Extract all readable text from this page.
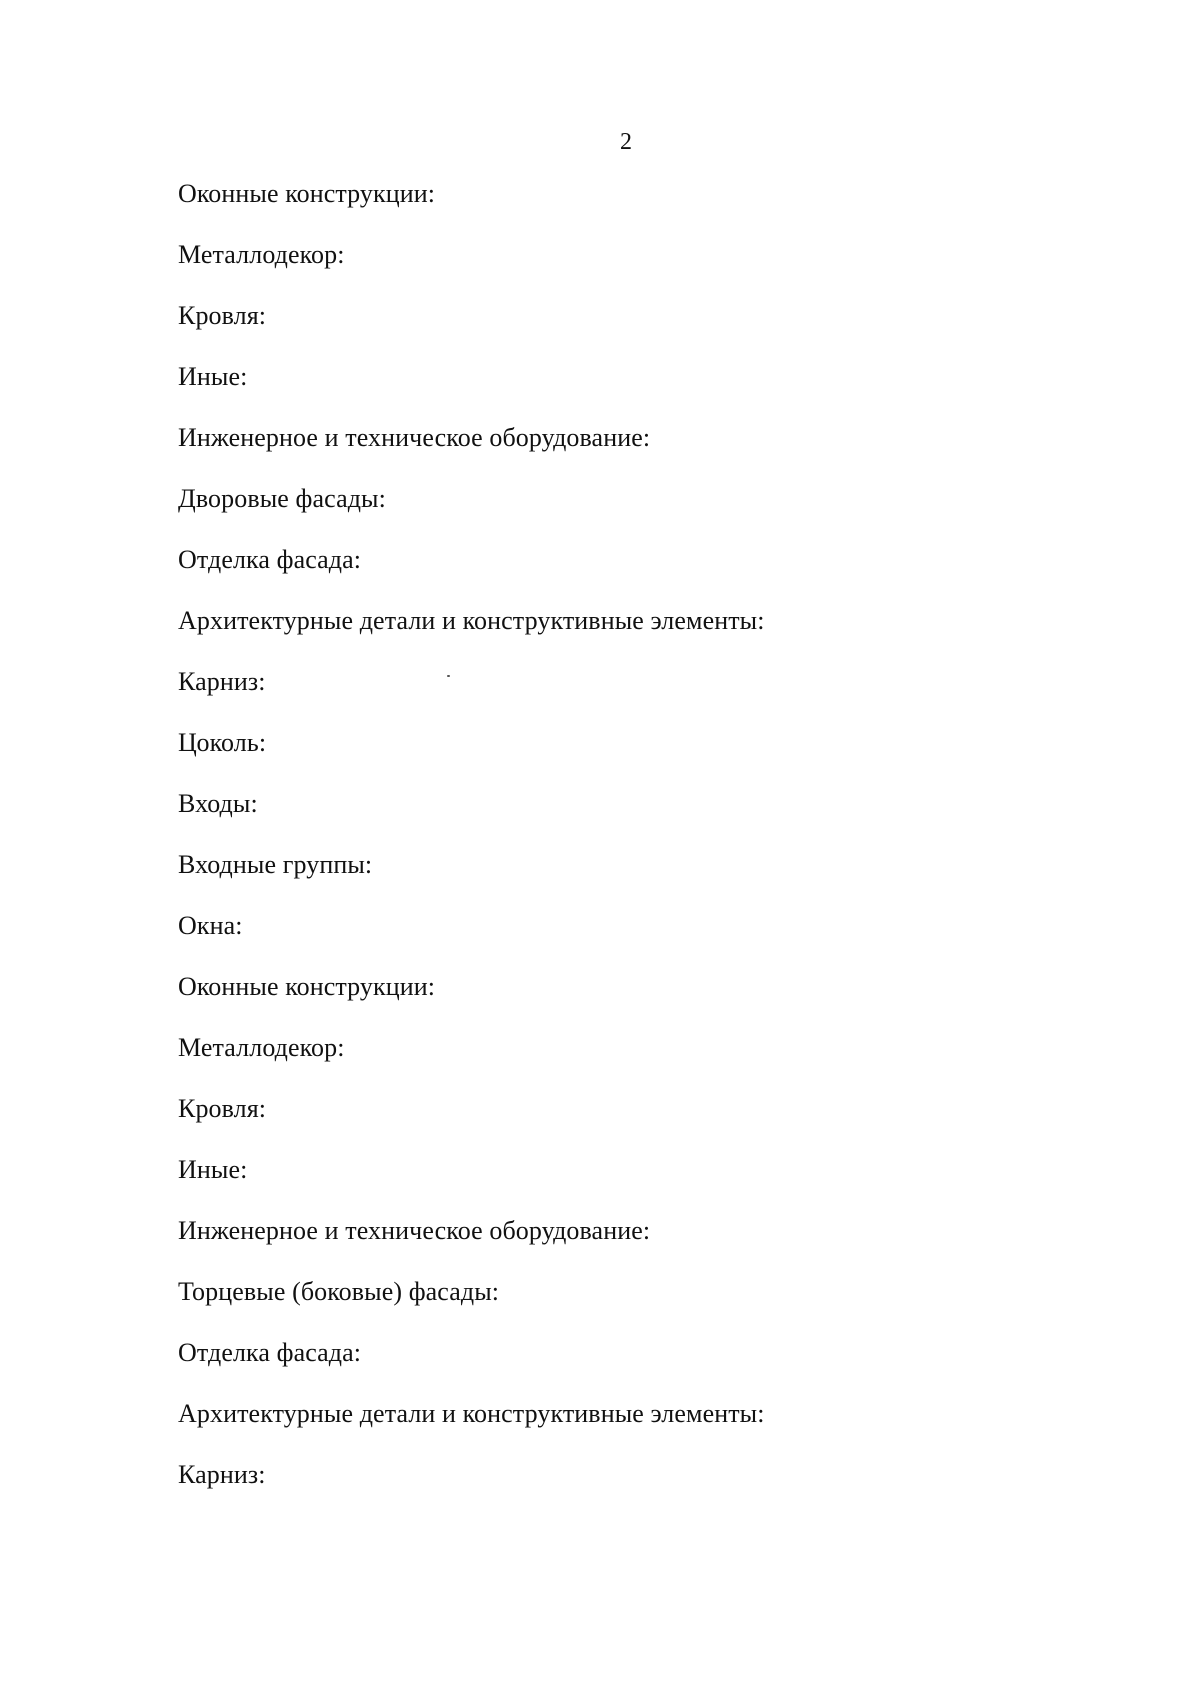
2
Оконные конструкции:
Металлодекор:
Кровля:
Иные:
Инженерное и техническое оборудование:
Дворовые фасады:
Отделка фасада:
Архитектурные детали и конструктивные элементы:
Карниз:
Цоколь:
Входы:
Входные группы:
Окна:
Оконные конструкции:
Металлодекор:
Кровля:
Иные:
Инженерное и техническое оборудование:
Торцевые (боковые) фасады:
Отделка фасада:
Архитектурные детали и конструктивные элементы:
Карниз:
